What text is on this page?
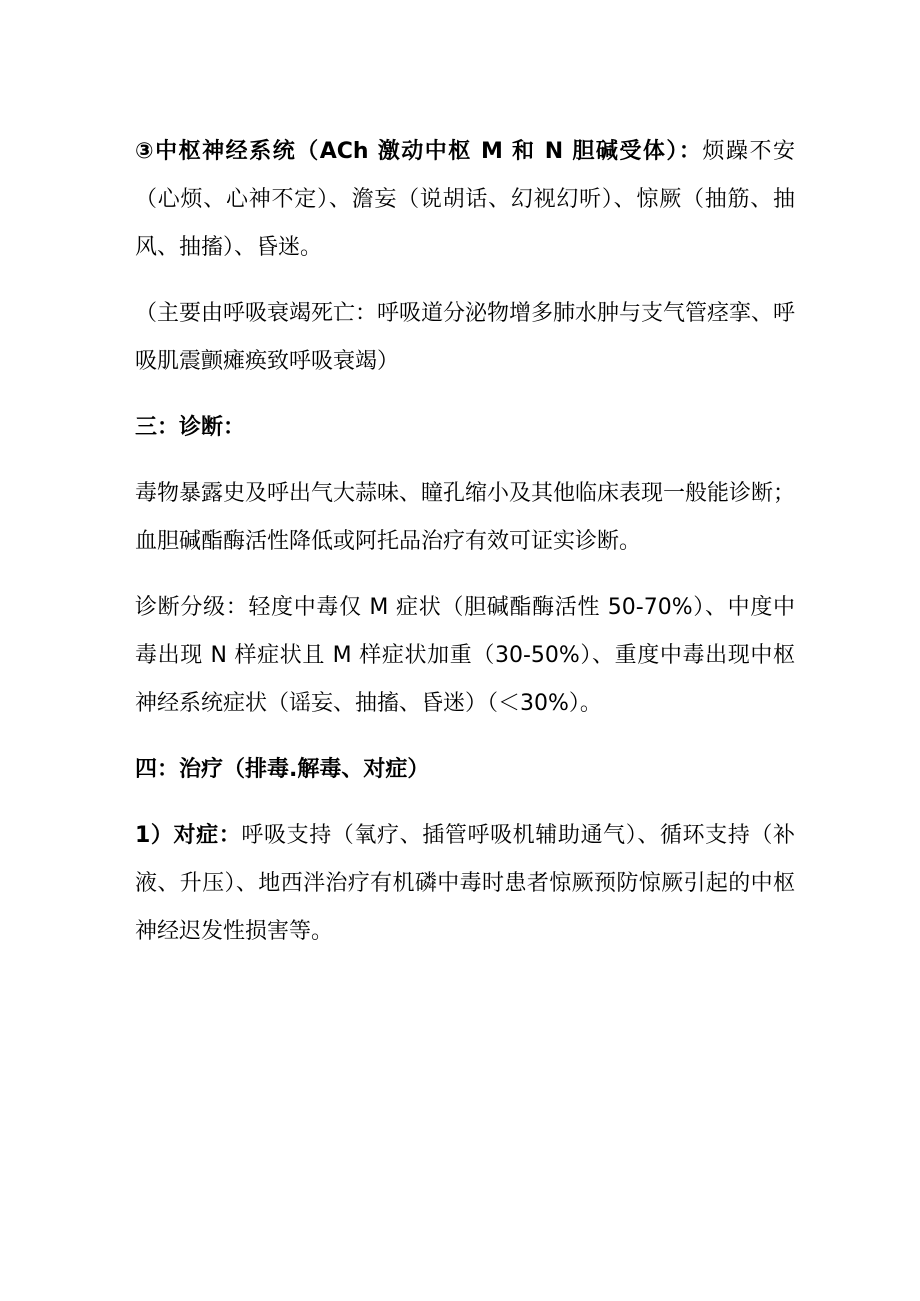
③中枢神经系统（ACh 激动中枢 M 和 N 胆碱受体）：烦躁不安（心烦、心神不定）、澹妄（说胡话、幻视幻听）、惊厥（抽筋、抽风、抽搐）、昏迷。

（主要由呼吸衰竭死亡：呼吸道分泌物增多肺水肿与支气管痉挛、呼吸肌震颤瘫痪致呼吸衰竭）

三：诊断：

毒物暴露史及呼出气大蒜味、瞳孔缩小及其他临床表现一般能诊断；血胆碱酯酶活性降低或阿托品治疗有效可证实诊断。

诊断分级：轻度中毒仅 M 症状（胆碱酯酶活性 50-70%）、中度中毒出现 N 样症状且 M 样症状加重（30-50%）、重度中毒出现中枢神经系统症状（谣妄、抽搐、昏迷）（＜30%）。

四：治疗（排毒.解毒、对症）

1）对症：呼吸支持（氧疗、插管呼吸机辅助通气）、循环支持（补液、升压）、地西泮治疗有机磷中毒时患者惊厥预防惊厥引起的中枢神经迟发性损害等。
